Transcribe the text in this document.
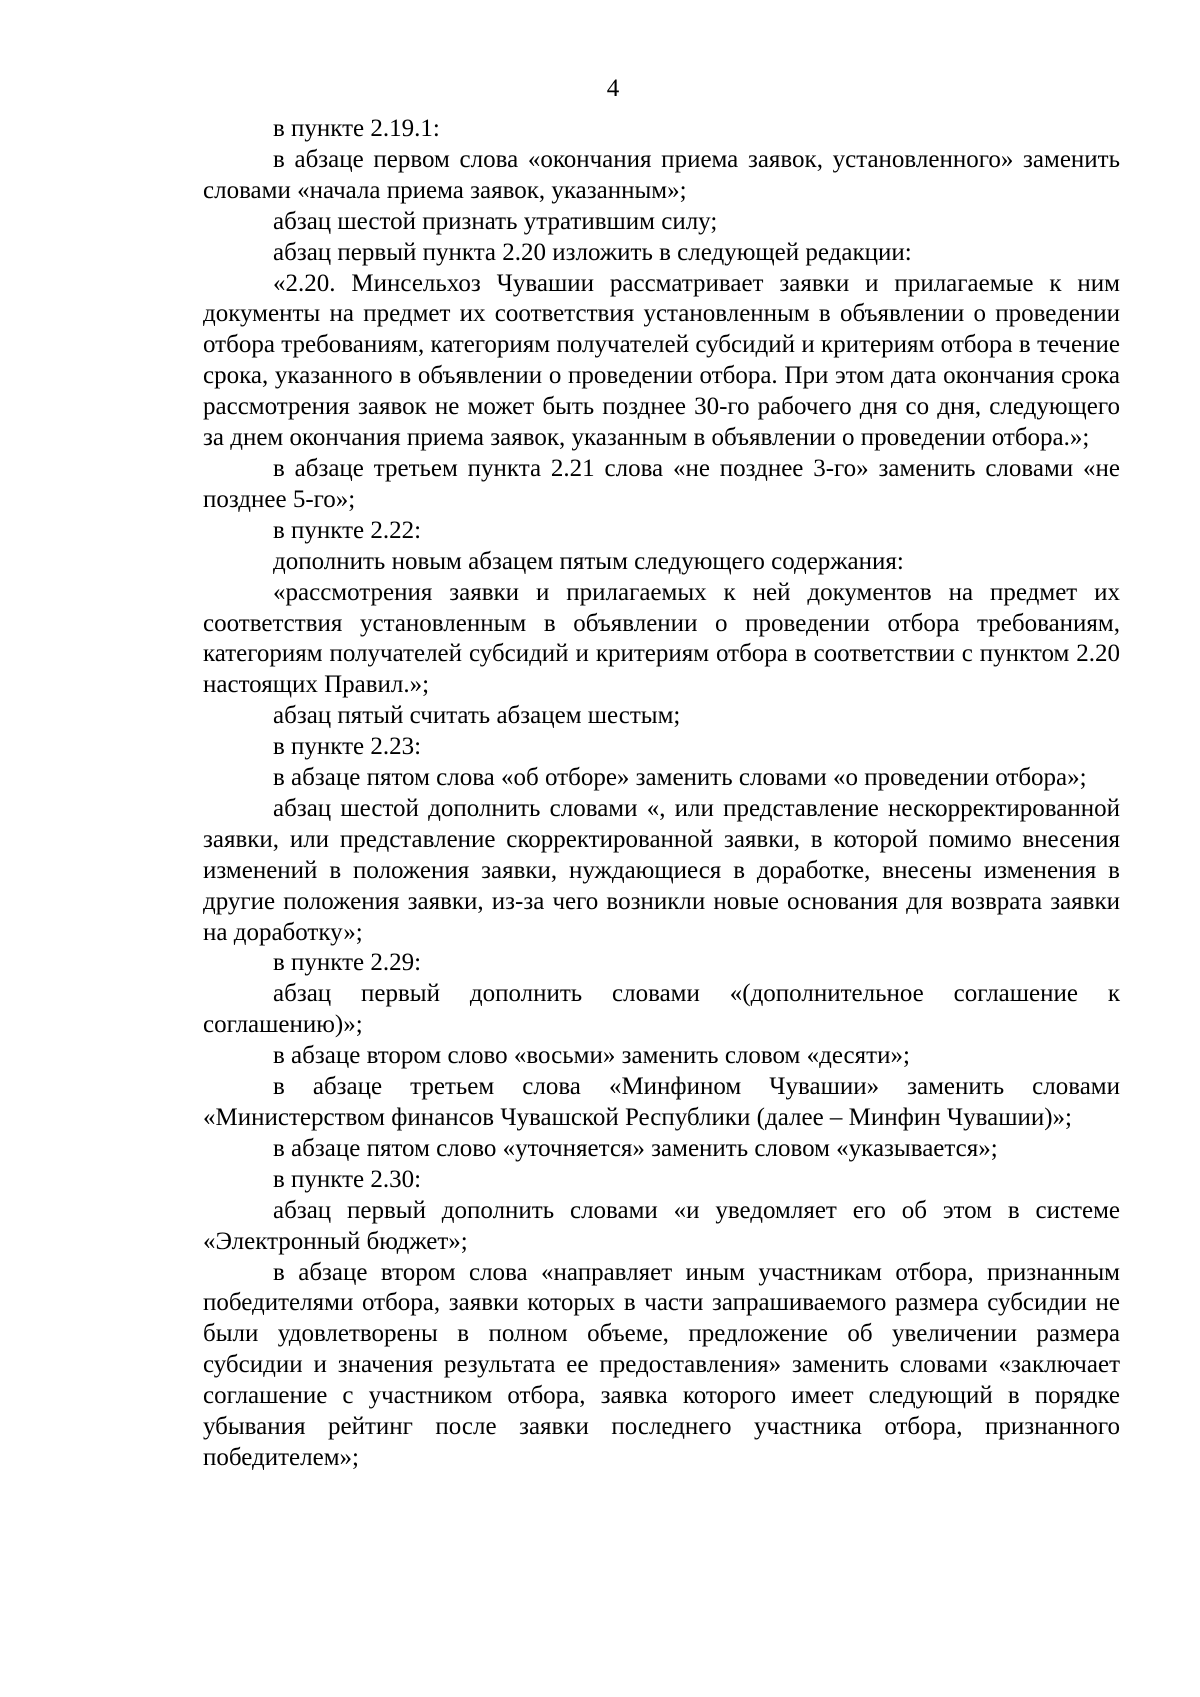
4

в пункте 2.19.1:

в абзаце первом слова «окончания приема заявок, установленного» заменить словами «начала приема заявок, указанным»;

абзац шестой признать утратившим силу;

абзац первый пункта 2.20 изложить в следующей редакции:

«2.20. Минсельхоз Чувашии рассматривает заявки и прилагаемые к ним документы на предмет их соответствия установленным в объявлении о проведении отбора требованиям, категориям получателей субсидий и критериям отбора в течение срока, указанного в объявлении о проведении отбора. При этом дата окончания срока рассмотрения заявок не может быть позднее 30-го рабочего дня со дня, следующего за днем окончания приема заявок, указанным в объявлении о проведении отбора.»;

в абзаце третьем пункта 2.21 слова «не позднее 3-го» заменить словами «не позднее 5-го»;

в пункте 2.22:

дополнить новым абзацем пятым следующего содержания:

«рассмотрения заявки и прилагаемых к ней документов на предмет их соответствия установленным в объявлении о проведении отбора требованиям, категориям получателей субсидий и критериям отбора в соответствии с пунктом 2.20 настоящих Правил.»;

абзац пятый считать абзацем шестым;

в пункте 2.23:

в абзаце пятом слова «об отборе» заменить словами «о проведении отбора»;

абзац шестой дополнить словами «, или представление нескорректированной заявки, или представление скорректированной заявки, в которой помимо внесения изменений в положения заявки, нуждающиеся в доработке, внесены изменения в другие положения заявки, из-за чего возникли новые основания для возврата заявки на доработку»;

в пункте 2.29:

абзац первый дополнить словами «(дополнительное соглашение к соглашению)»;

в абзаце втором слово «восьми» заменить словом «десяти»;

в абзаце третьем слова «Минфином Чувашии» заменить словами «Министерством финансов Чувашской Республики (далее – Минфин Чувашии)»;

в абзаце пятом слово «уточняется» заменить словом «указывается»;

в пункте 2.30:

абзац первый дополнить словами «и уведомляет его об этом в системе «Электронный бюджет»;

в абзаце втором слова «направляет иным участникам отбора, признанным победителями отбора, заявки которых в части запрашиваемого размера субсидии не были удовлетворены в полном объеме, предложение об увеличении размера субсидии и значения результата ее предоставления» заменить словами «заключает соглашение с участником отбора, заявка которого имеет следующий в порядке убывания рейтинг после заявки последнего участника отбора, признанного победителем»;
